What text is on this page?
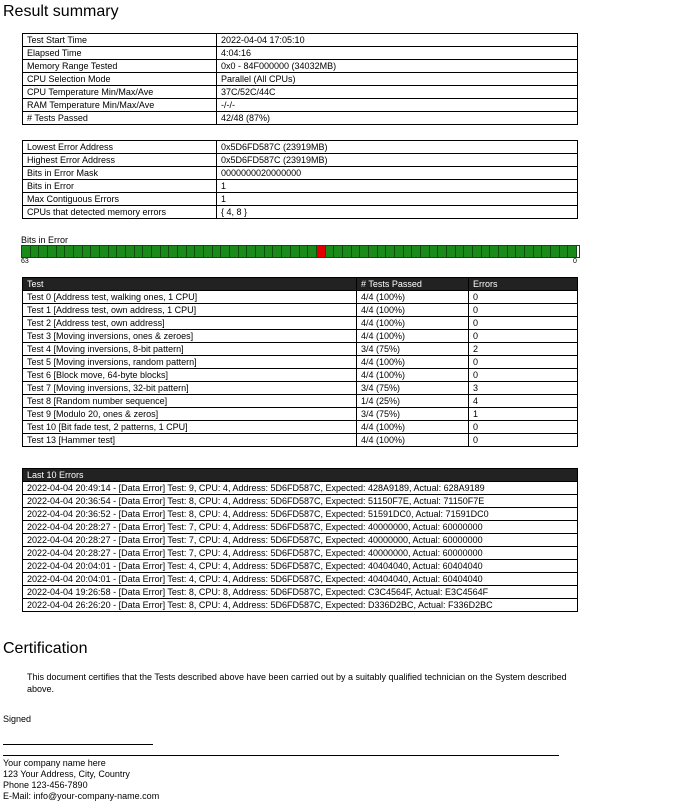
Result summary
Test Start Time	2022-04-04 17:05:10
Elapsed Time	4:04:16
Memory Range Tested	0x0 - 84F000000 (34032MB)
CPU Selection Mode	Parallel (All CPUs)
CPU Temperature Min/Max/Ave	37C/52C/44C
RAM Temperature Min/Max/Ave	-/-/-
# Tests Passed	42/48 (87%)
Lowest Error Address	0x5D6FD587C (23919MB)
Highest Error Address	0x5D6FD587C (23919MB)
Bits in Error Mask	0000000020000000
Bits in Error	1
Max Contiguous Errors	1
CPUs that detected memory errors	{ 4, 8 }
Bits in Error
63	0
Test	# Tests Passed	Errors
Test 0 [Address test, walking ones, 1 CPU]	4/4 (100%)	0
Test 1 [Address test, own address, 1 CPU]	4/4 (100%)	0
Test 2 [Address test, own address]	4/4 (100%)	0
Test 3 [Moving inversions, ones & zeroes]	4/4 (100%)	0
Test 4 [Moving inversions, 8-bit pattern]	3/4 (75%)	2
Test 5 [Moving inversions, random pattern]	4/4 (100%)	0
Test 6 [Block move, 64-byte blocks]	4/4 (100%)	0
Test 7 [Moving inversions, 32-bit pattern]	3/4 (75%)	3
Test 8 [Random number sequence]	1/4 (25%)	4
Test 9 [Modulo 20, ones & zeros]	3/4 (75%)	1
Test 10 [Bit fade test, 2 patterns, 1 CPU]	4/4 (100%)	0
Test 13 [Hammer test]	4/4 (100%)	0
Last 10 Errors
2022-04-04 20:49:14 - [Data Error] Test: 9, CPU: 4, Address: 5D6FD587C, Expected: 428A9189, Actual: 628A9189
2022-04-04 20:36:54 - [Data Error] Test: 8, CPU: 4, Address: 5D6FD587C, Expected: 51150F7E, Actual: 71150F7E
2022-04-04 20:36:52 - [Data Error] Test: 8, CPU: 4, Address: 5D6FD587C, Expected: 51591DC0, Actual: 71591DC0
2022-04-04 20:28:27 - [Data Error] Test: 7, CPU: 4, Address: 5D6FD587C, Expected: 40000000, Actual: 60000000
2022-04-04 20:28:27 - [Data Error] Test: 7, CPU: 4, Address: 5D6FD587C, Expected: 40000000, Actual: 60000000
2022-04-04 20:28:27 - [Data Error] Test: 7, CPU: 4, Address: 5D6FD587C, Expected: 40000000, Actual: 60000000
2022-04-04 20:04:01 - [Data Error] Test: 4, CPU: 4, Address: 5D6FD587C, Expected: 40404040, Actual: 60404040
2022-04-04 20:04:01 - [Data Error] Test: 4, CPU: 4, Address: 5D6FD587C, Expected: 40404040, Actual: 60404040
2022-04-04 19:26:58 - [Data Error] Test: 8, CPU: 8, Address: 5D6FD587C, Expected: C3C4564F, Actual: E3C4564F
2022-04-04 26:26:20 - [Data Error] Test: 8, CPU: 4, Address: 5D6FD587C, Expected: D336D2BC, Actual: F336D2BC
Certification
This document certifies that the Tests described above have been carried out by a suitably qualified technician on the System described above.
Signed
Your company name here
123 Your Address, City, Country
Phone 123-456-7890
E-Mail: info@your-company-name.com
